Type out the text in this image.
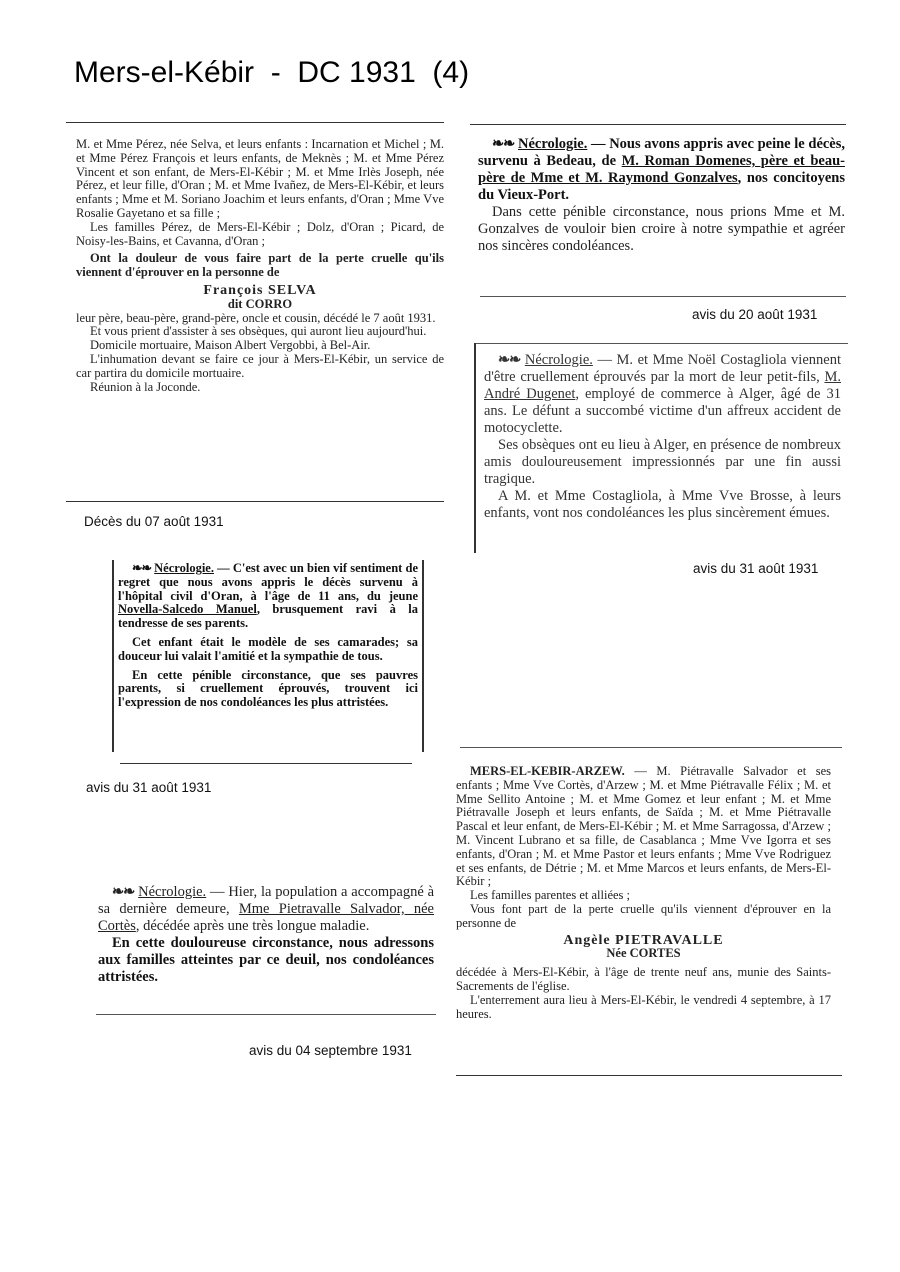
Mers-el-Kébir  -  DC 1931  (4)

M. et Mme Pérez, née Selva, et leurs enfants : Incarnation et Michel ; M. et Mme Pérez François et leurs enfants, de Meknès ; M. et Mme Pérez Vincent et son enfant, de Mers-El-Kébir ; M. et Mme Irlès Joseph, née Pérez, et leur fille, d'Oran ; M. et Mme Ivañez, de Mers-El-Kébir, et leurs enfants ; Mme et M. Soriano Joachim et leurs enfants, d'Oran ; Mme Vve Rosalie Gayetano et sa fille ;

Les familles Pérez, de Mers-El-Kébir ; Dolz, d'Oran ; Picard, de Noisy-les-Bains, et Cavanna, d'Oran ;

Ont la douleur de vous faire part de la perte cruelle qu'ils viennent d'éprouver en la personne de

François SELVA

dit CORRO

leur père, beau-père, grand-père, oncle et cousin, décédé le 7 août 1931.

Et vous prient d'assister à ses obsèques, qui auront lieu aujourd'hui.

Domicile mortuaire, Maison Albert Vergobbi, à Bel-Air.

L'inhumation devant se faire ce jour à Mers-El-Kébir, un service de car partira du domicile mortuaire.

Réunion à la Joconde.

Décès du 07 août 1931

❧❧ Nécrologie. — Nous avons appris avec peine le décès, survenu à Bedeau, de M. Roman Domenes, père et beau-père de Mme et M. Raymond Gonzalves, nos concitoyens du Vieux-Port.

Dans cette pénible circonstance, nous prions Mme et M. Gonzalves de vouloir bien croire à notre sympathie et agréer nos sincères condoléances.

avis du 20 août 1931

❧❧ Nécrologie. — M. et Mme Noël Costagliola viennent d'être cruellement éprouvés par la mort de leur petit-fils, M. André Dugenet, employé de commerce à Alger, âgé de 31 ans. Le défunt a succombé victime d'un affreux accident de motocyclette.

Ses obsèques ont eu lieu à Alger, en présence de nombreux amis douloureusement impressionnés par une fin aussi tragique.

A M. et Mme Costagliola, à Mme Vve Brosse, à leurs enfants, vont nos condoléances les plus sincèrement émues.

avis du 31 août 1931

❧❧ Nécrologie. — C'est avec un bien vif sentiment de regret que nous avons appris le décès survenu à l'hôpital civil d'Oran, à l'âge de 11 ans, du jeune Novella-Salcedo Manuel, brusquement ravi à la tendresse de ses parents.

Cet enfant était le modèle de ses camarades; sa douceur lui valait l'amitié et la sympathie de tous.

En cette pénible circonstance, que ses pauvres parents, si cruellement éprouvés, trouvent ici l'expression de nos condoléances les plus attristées.

avis du 31 août 1931

❧❧ Nécrologie. — Hier, la population a accompagné à sa dernière demeure, Mme Pietravalle Salvador, née Cortès, décédée après une très longue maladie.

En cette douloureuse circonstance, nous adressons aux familles atteintes par ce deuil, nos condoléances attristées.

avis du 04 septembre 1931

MERS-EL-KEBIR-ARZEW. — M. Piétravalle Salvador et ses enfants ; Mme Vve Cortès, d'Arzew ; M. et Mme Piétravalle Félix ; M. et Mme Sellito Antoine ; M. et Mme Gomez et leur enfant ; M. et Mme Piétravalle Joseph et leurs enfants, de Saïda ; M. et Mme Piétravalle Pascal et leur enfant, de Mers-El-Kébir ; M. et Mme Sarragossa, d'Arzew ; M. Vincent Lubrano et sa fille, de Casablanca ; Mme Vve Igorra et ses enfants, d'Oran ; M. et Mme Pastor et leurs enfants ; Mme Vve Rodriguez et ses enfants, de Détrie ; M. et Mme Marcos et leurs enfants, de Mers-El-Kébir ;

Les familles parentes et alliées ;

Vous font part de la perte cruelle qu'ils viennent d'éprouver en la personne de

Angèle PIETRAVALLE

Née CORTES

décédée à Mers-El-Kébir, à l'âge de trente neuf ans, munie des Saints-Sacrements de l'église.

L'enterrement aura lieu à Mers-El-Kébir, le vendredi 4 septembre, à 17 heures.
